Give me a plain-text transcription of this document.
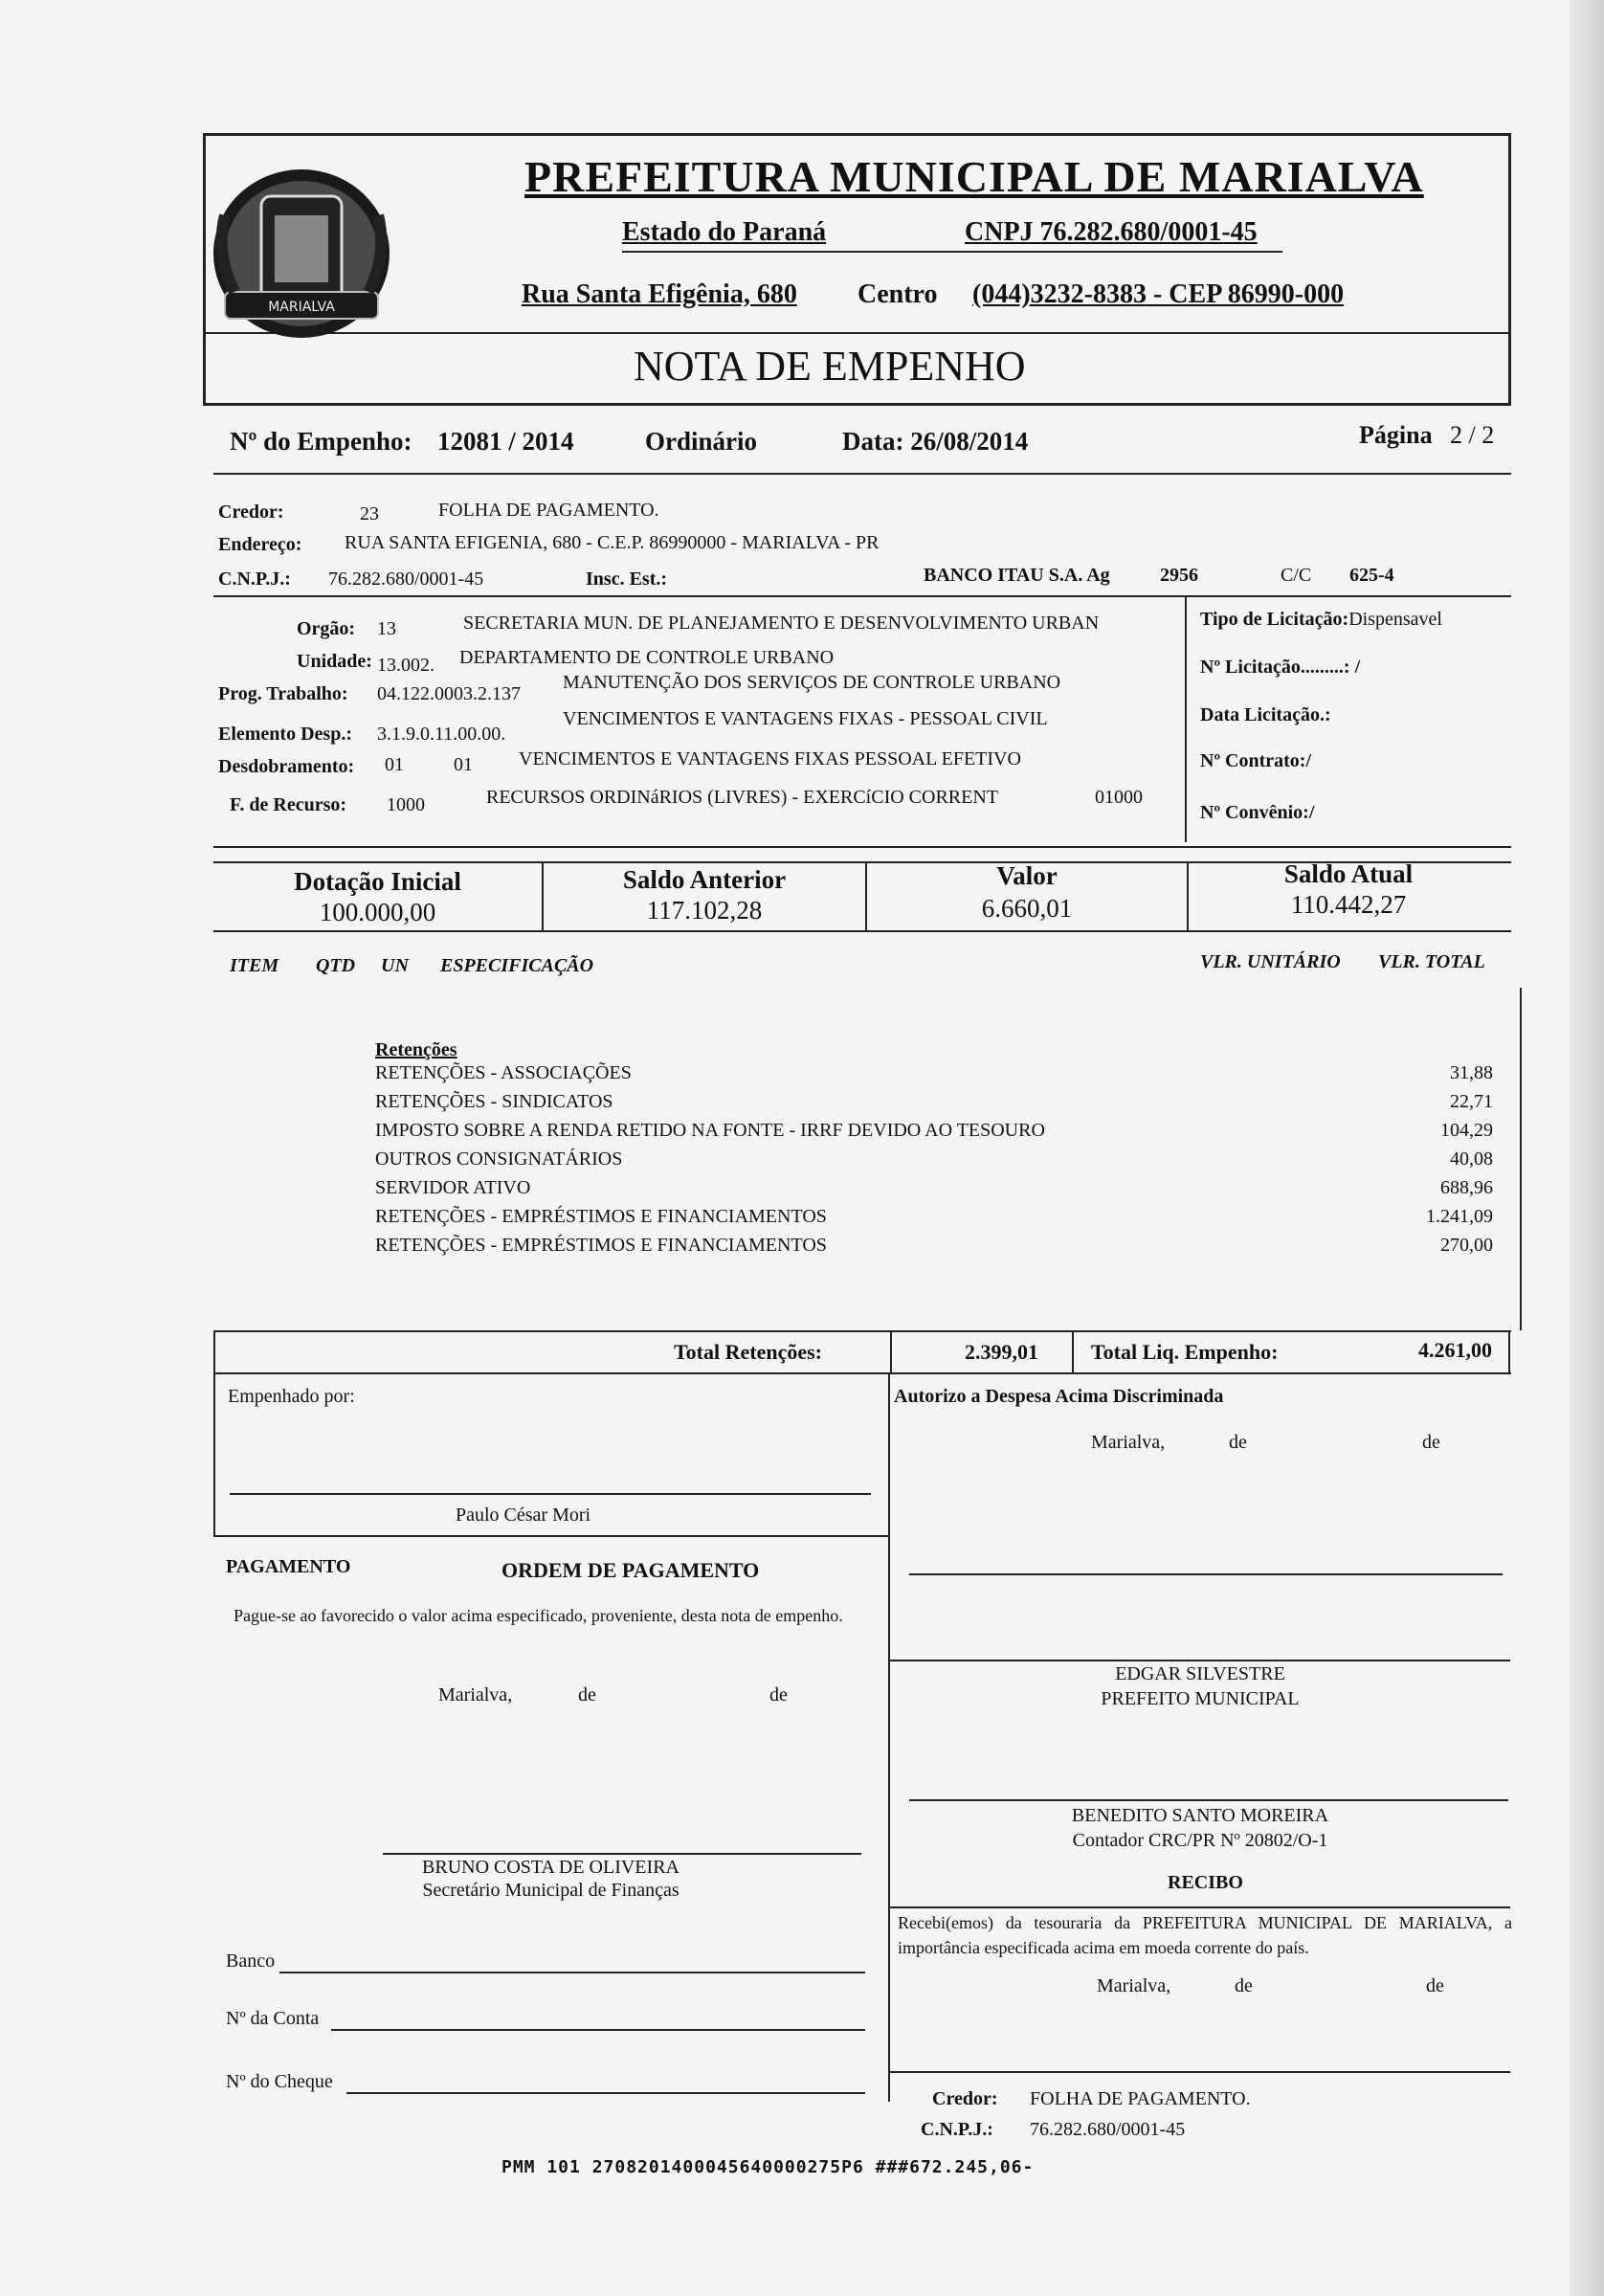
MARIALVA
PREFEITURA MUNICIPAL DE MARIALVA
Estado do Paraná	CNPJ 76.282.680/0001-45
Rua Santa Efigênia, 680 Centro (044)3232-8383 - CEP 86990-000
NOTA DE EMPENHO
Nº do Empenho: 12081 / 2014	Ordinário	Data: 26/08/2014	Página 2 / 2
Credor:	23	FOLHA DE PAGAMENTO.
Endereço: RUA SANTA EFIGENIA, 680 - C.E.P. 86990000 - MARIALVA - PR
C.N.P.J.: 76.282.680/0001-45	Insc. Est.:	BANCO ITAU S.A. Ag	2956	C/C 625-4
Orgão: 13	SECRETARIA MUN. DE PLANEJAMENTO E DESENVOLVIMENTO URBAN
Unidade: 13.002. DEPARTAMENTO DE CONTROLE URBANO
Prog. Trabalho: 04.122.0003.2.137
MANUTENÇÃO DOS SERVIÇOS DE CONTROLE URBANO
Elemento Desp.: 3.1.9.0.11.00.00.
VENCIMENTOS E VANTAGENS FIXAS - PESSOAL CIVIL
Desdobramento: 01	01 VENCIMENTOS E VANTAGENS FIXAS PESSOAL EFETIVO
F. de Recurso: 1000	RECURSOS ORDINáRIOS (LIVRES) - EXERCíCIO CORRENT	01000
Tipo de Licitação:Dispensavel
Nº Licitação.........: /
Data Licitação.:
Nº Contrato:/
Nº Convênio:/
Dotação Inicial
100.000,00
Saldo Anterior
117.102,28
Valor
6.660,01
Saldo Atual
110.442,27
ITEM QTD UN ESPECIFICAÇÃO	VLR. UNITÁRIO VLR. TOTAL
Retenções
RETENÇÕES - ASSOCIAÇÕES	31,88
RETENÇÕES - SINDICATOS	22,71
IMPOSTO SOBRE A RENDA RETIDO NA FONTE - IRRF DEVIDO AO TESOURO	104,29
OUTROS CONSIGNATÁRIOS	40,08
SERVIDOR ATIVO	688,96
RETENÇÕES - EMPRÉSTIMOS E FINANCIAMENTOS	1.241,09
RETENÇÕES - EMPRÉSTIMOS E FINANCIAMENTOS	270,00
Total Retenções:	2.399,01	Total Liq. Empenho:	4.261,00
Empenhado por:
Paulo César Mori
Autorizo a Despesa Acima Discriminada
Marialva,	de	de
PAGAMENTO	ORDEM DE PAGAMENTO
Pague-se ao favorecido o valor acima especificado, proveniente, desta nota de empenho.
Marialva,	de	de
EDGAR SILVESTRE
PREFEITO MUNICIPAL
BENEDITO SANTO MOREIRA
Contador CRC/PR Nº 20802/O-1
BRUNO COSTA DE OLIVEIRA
Secretário Municipal de Finanças	RECIBO
Recebi(emos) da tesouraria da PREFEITURA MUNICIPAL DE MARIALVA, a importância especificada acima em moeda corrente do país.
Marialva,	de	de
Banco
Nº da Conta
Nº do Cheque
Credor: FOLHA DE PAGAMENTO.
C.N.P.J.: 76.282.680/0001-45
PMM 101 2708201400045640000275P6 ###672.245,06-
